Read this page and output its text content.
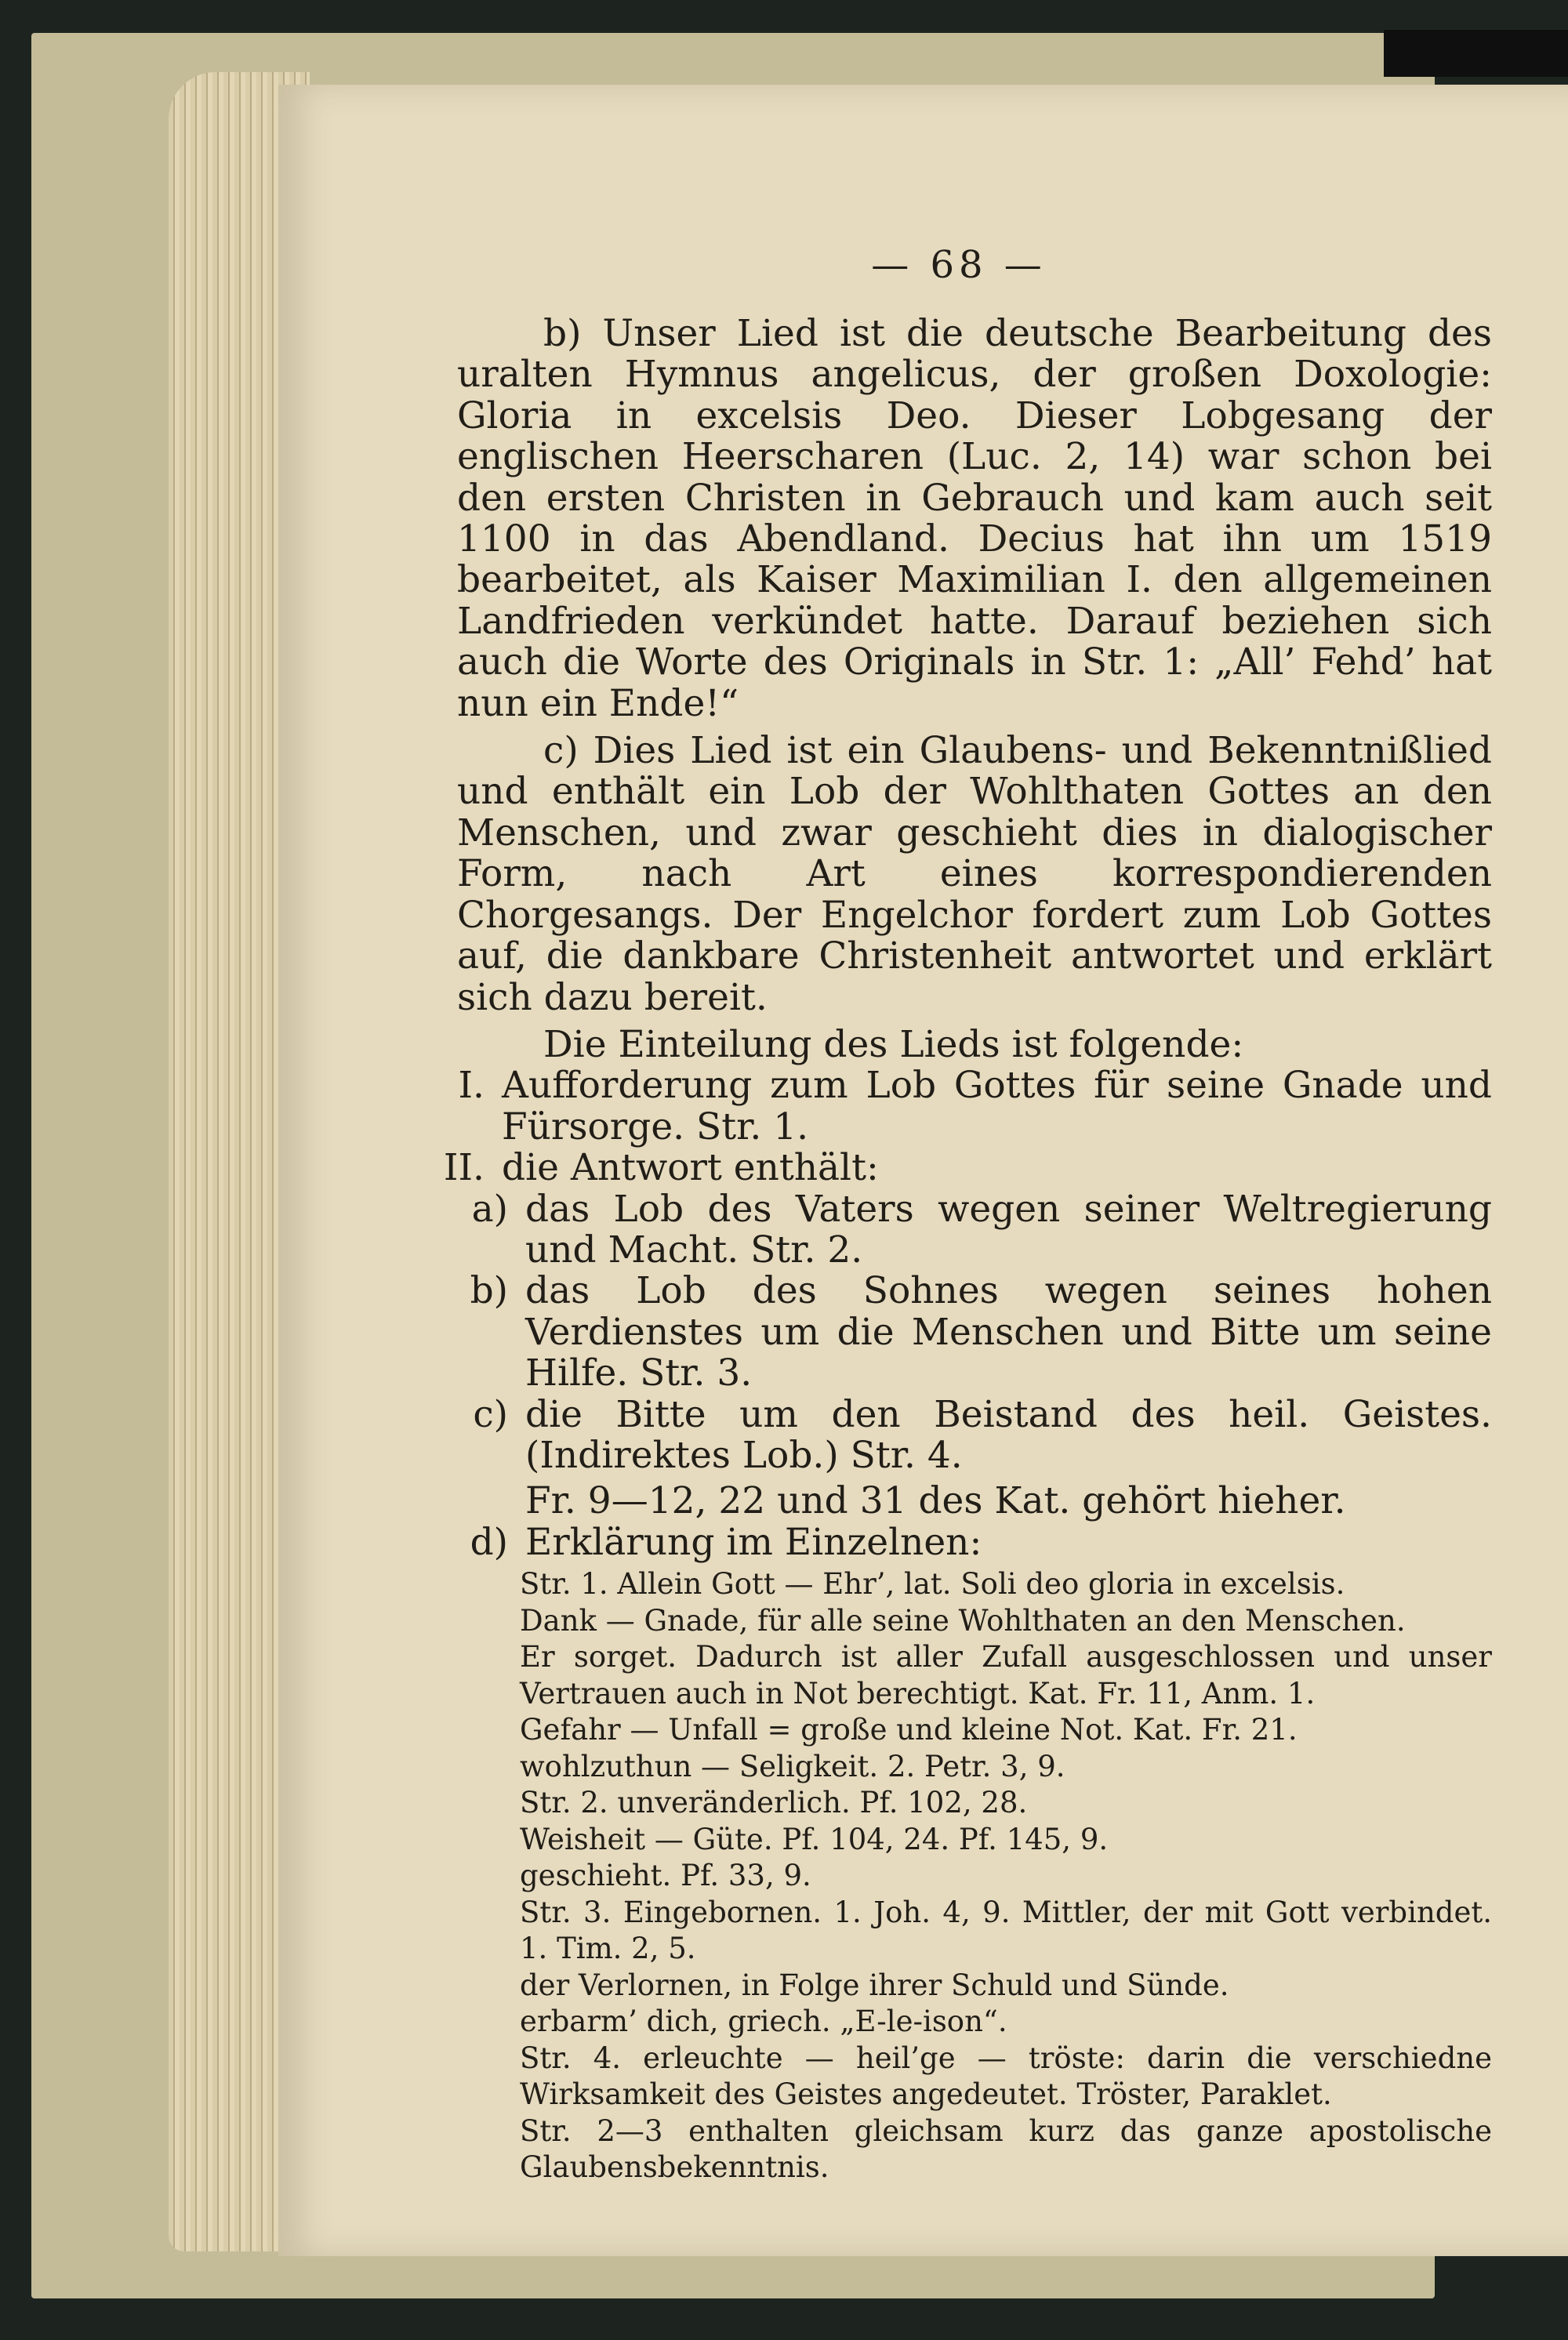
— 68 —

b) Unser Lied ist die deutsche Bearbeitung des uralten Hymnus angelicus, der großen Doxologie: Gloria in excelsis Deo. Dieser Lobgesang der englischen Heerscharen (Luc. 2, 14) war schon bei den ersten Christen in Gebrauch und kam auch seit 1100 in das Abendland. Decius hat ihn um 1519 bearbeitet, als Kaiser Maximilian I. den allgemeinen Landfrieden verkündet hatte. Darauf beziehen sich auch die Worte des Originals in Str. 1: „All’ Fehd’ hat nun ein Ende!“

c) Dies Lied ist ein Glaubens- und Bekenntnißlied und enthält ein Lob der Wohlthaten Gottes an den Menschen, und zwar geschieht dies in dialogischer Form, nach Art eines korrespondierenden Chorgesangs. Der Engelchor fordert zum Lob Gottes auf, die dankbare Christenheit antwortet und erklärt sich dazu bereit.

Die Einteilung des Lieds ist folgende:

I. Aufforderung zum Lob Gottes für seine Gnade und Fürsorge. Str. 1.
II. die Antwort enthält:
a) das Lob des Vaters wegen seiner Weltregierung und Macht. Str. 2.
b) das Lob des Sohnes wegen seines hohen Verdienstes um die Menschen und Bitte um seine Hilfe. Str. 3.
c) die Bitte um den Beistand des heil. Geistes. (Indirektes Lob.) Str. 4.
Fr. 9—12, 22 und 31 des Kat. gehört hieher.
d) Erklärung im Einzelnen:
Str. 1. Allein Gott — Ehr’, lat. Soli deo gloria in excelsis.
Dank — Gnade, für alle seine Wohlthaten an den Menschen.
Er sorget. Dadurch ist aller Zufall ausgeschlossen und unser Vertrauen auch in Not berechtigt. Kat. Fr. 11, Anm. 1.
Gefahr — Unfall = große und kleine Not. Kat. Fr. 21.
wohlzuthun — Seligkeit. 2. Petr. 3, 9.
Str. 2. unveränderlich. Pf. 102, 28.
Weisheit — Güte. Pf. 104, 24. Pf. 145, 9.
geschieht. Pf. 33, 9.
Str. 3. Eingebornen. 1. Joh. 4, 9. Mittler, der mit Gott verbindet. 1. Tim. 2, 5.
der Verlornen, in Folge ihrer Schuld und Sünde.
erbarm’ dich, griech. „E-le-ison“.
Str. 4. erleuchte — heil’ge — tröste: darin die verschiedne Wirksamkeit des Geistes angedeutet. Tröster, Paraklet.
Str. 2—3 enthalten gleichsam kurz das ganze apostolische Glaubensbekenntnis.
